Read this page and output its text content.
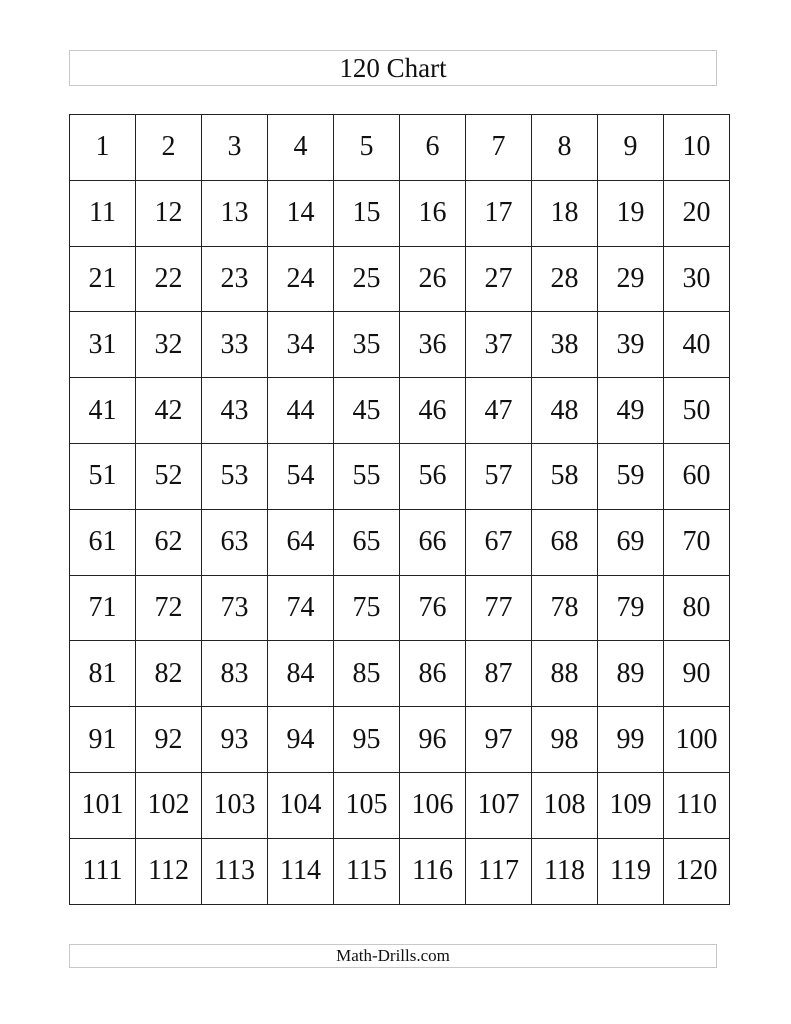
120 Chart
1	2	3	4	5	6	7	8	9	10
11	12	13	14	15	16	17	18	19	20
21	22	23	24	25	26	27	28	29	30
31	32	33	34	35	36	37	38	39	40
41	42	43	44	45	46	47	48	49	50
51	52	53	54	55	56	57	58	59	60
61	62	63	64	65	66	67	68	69	70
71	72	73	74	75	76	77	78	79	80
81	82	83	84	85	86	87	88	89	90
91	92	93	94	95	96	97	98	99	100
101	102	103	104	105	106	107	108	109	110
111	112	113	114	115	116	117	118	119	120
Math-Drills.com
